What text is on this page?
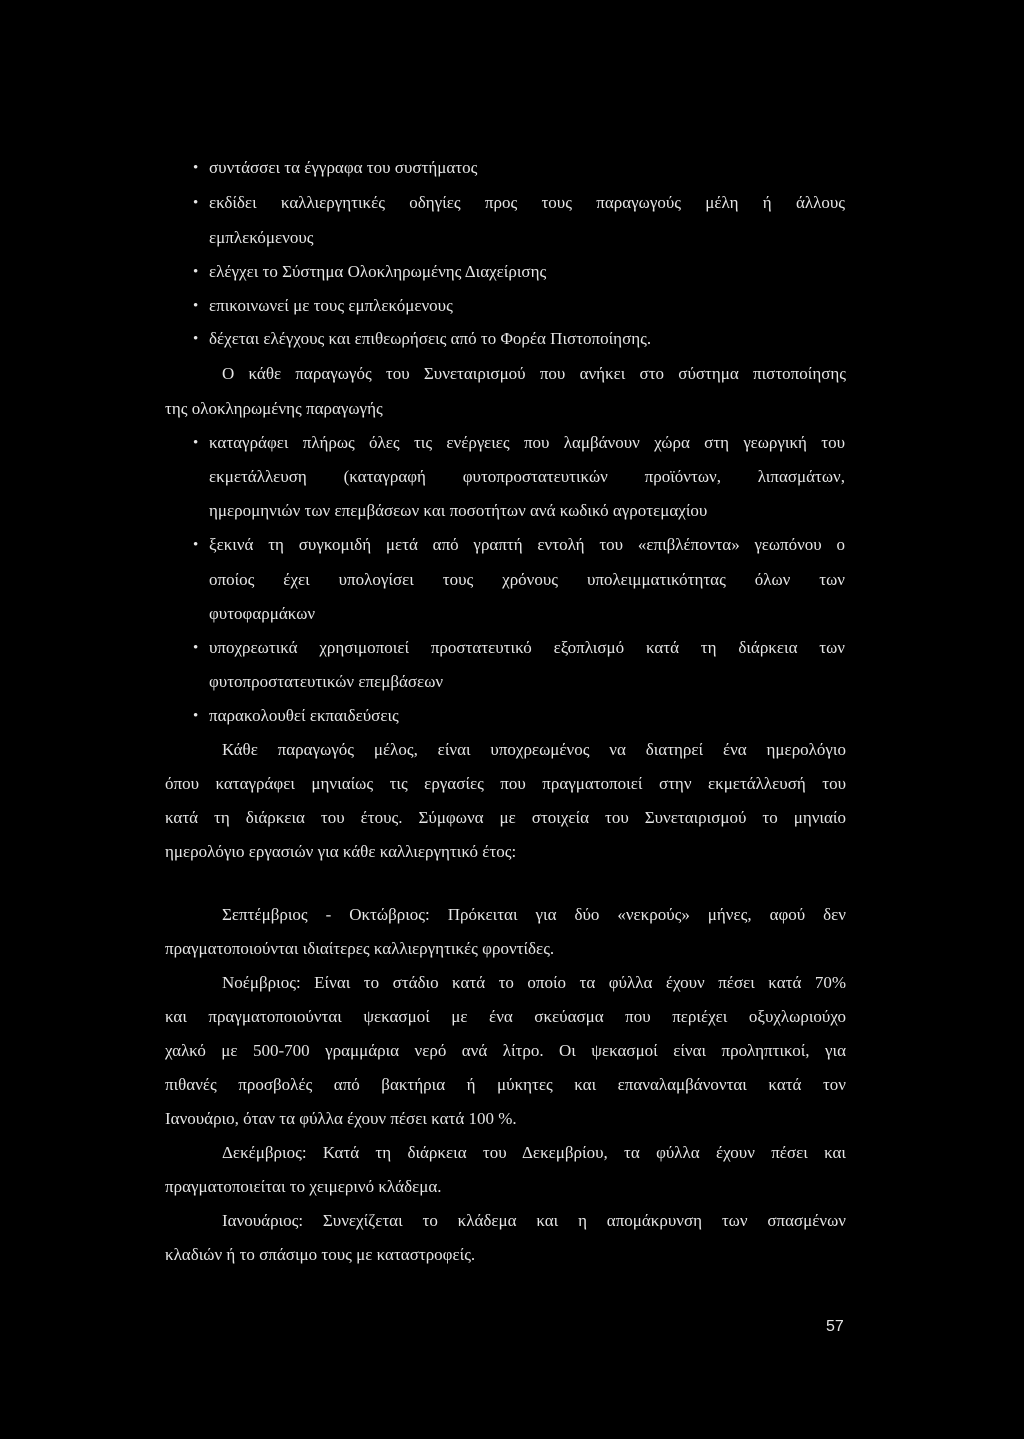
• συντάσσει τα έγγραφα του συστήματος
• εκδίδει καλλιεργητικές οδηγίες προς τους παραγωγούς μέλη ή άλλους
εμπλεκόμενους
• ελέγχει το Σύστημα Ολοκληρωμένης Διαχείρισης
• επικοινωνεί με τους εμπλεκόμενους
• δέχεται ελέγχους και επιθεωρήσεις από το Φορέα Πιστοποίησης.
Ο κάθε παραγωγός του Συνεταιρισμού που ανήκει στο σύστημα πιστοποίησης
της ολοκληρωμένης παραγωγής
• καταγράφει πλήρως όλες τις ενέργειες που λαμβάνουν χώρα στη γεωργική του
εκμετάλλευση (καταγραφή φυτοπροστατευτικών προϊόντων, λιπασμάτων,
ημερομηνιών των επεμβάσεων και ποσοτήτων ανά κωδικό αγροτεμαχίου
• ξεκινά τη συγκομιδή μετά από γραπτή εντολή του «επιβλέποντα» γεωπόνου ο
οποίος έχει υπολογίσει τους χρόνους υπολειμματικότητας όλων των
φυτοφαρμάκων
• υποχρεωτικά χρησιμοποιεί προστατευτικό εξοπλισμό κατά τη διάρκεια των
φυτοπροστατευτικών επεμβάσεων
• παρακολουθεί εκπαιδεύσεις
Κάθε παραγωγός μέλος, είναι υποχρεωμένος να διατηρεί ένα ημερολόγιο
όπου καταγράφει μηνιαίως τις εργασίες που πραγματοποιεί στην εκμετάλλευσή του
κατά τη διάρκεια του έτους. Σύμφωνα με στοιχεία του Συνεταιρισμού το μηνιαίο
ημερολόγιο εργασιών για κάθε καλλιεργητικό έτος:
Σεπτέμβριος - Οκτώβριος: Πρόκειται για δύο «νεκρούς» μήνες, αφού δεν
πραγματοποιούνται ιδιαίτερες καλλιεργητικές φροντίδες.
Νοέμβριος: Είναι το στάδιο κατά το οποίο τα φύλλα έχουν πέσει κατά 70%
και πραγματοποιούνται ψεκασμοί με ένα σκεύασμα που περιέχει οξυχλωριούχο
χαλκό με 500-700 γραμμάρια νερό ανά λίτρο. Οι ψεκασμοί είναι προληπτικοί, για
πιθανές προσβολές από βακτήρια ή μύκητες και επαναλαμβάνονται κατά τον
Ιανουάριο, όταν τα φύλλα έχουν πέσει κατά 100 %.
Δεκέμβριος: Κατά τη διάρκεια του Δεκεμβρίου, τα φύλλα έχουν πέσει και
πραγματοποιείται το χειμερινό κλάδεμα.
Ιανουάριος: Συνεχίζεται το κλάδεμα και η απομάκρυνση των σπασμένων
κλαδιών ή το σπάσιμο τους με καταστροφείς.
57
